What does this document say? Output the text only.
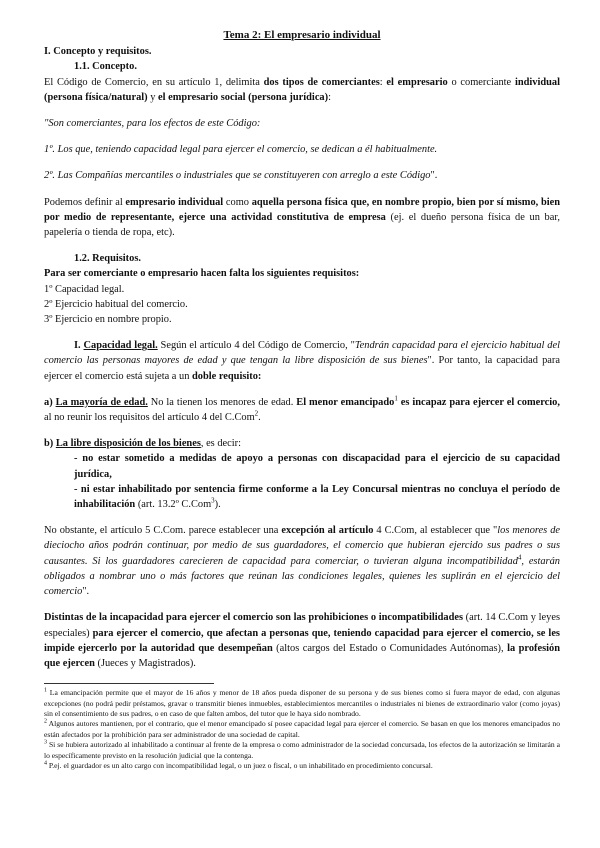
Tema 2: El empresario individual

I. Concepto y requisitos.

1.1. Concepto.

El Código de Comercio, en su artículo 1, delimita dos tipos de comerciantes: el empresario o comerciante individual (persona física/natural) y el empresario social (persona jurídica):

"Son comerciantes, para los efectos de este Código:

1º. Los que, teniendo capacidad legal para ejercer el comercio, se dedican a él habitualmente.

2º. Las Compañías mercantiles o industriales que se constituyeren con arreglo a este Código".

Podemos definir al empresario individual como aquella persona física que, en nombre propio, bien por sí mismo, bien por medio de representante, ejerce una actividad constitutiva de empresa (ej. el dueño persona física de un bar, papelería o tienda de ropa, etc).

1.2. Requisitos.

Para ser comerciante o empresario hacen falta los siguientes requisitos:

1º Capacidad legal.

2º Ejercicio habitual del comercio.

3º Ejercicio en nombre propio.

I. Capacidad legal. Según el artículo 4 del Código de Comercio, "Tendrán capacidad para el ejercicio habitual del comercio las personas mayores de edad y que tengan la libre disposición de sus bienes". Por tanto, la capacidad para ejercer el comercio está sujeta a un doble requisito:

a) La mayoría de edad. No la tienen los menores de edad. El menor emancipado$^1$ es incapaz para ejercer el comercio, al no reunir los requisitos del artículo 4 del C.Com$^2$.

b) La libre disposición de los bienes, es decir:

- no estar sometido a medidas de apoyo a personas con discapacidad para el ejercicio de su capacidad jurídica,

- ni estar inhabilitado por sentencia firme conforme a la Ley Concursal mientras no concluya el período de inhabilitación (art. 13.2º C.Com$^3$).

No obstante, el artículo 5 C.Com. parece establecer una excepción al artículo 4 C.Com, al establecer que "los menores de dieciocho años podrán continuar, por medio de sus guardadores, el comercio que hubieran ejercido sus padres o sus causantes. Si los guardadores carecieren de capacidad para comerciar, o tuvieran alguna incompatibilidad$^4$, estarán obligados a nombrar uno o más factores que reúnan las condiciones legales, quienes les suplirán en el ejercicio del comercio".

Distintas de la incapacidad para ejercer el comercio son las prohibiciones o incompatibilidades (art. 14 C.Com y leyes especiales) para ejercer el comercio, que afectan a personas que, teniendo capacidad para ejercer el comercio, se les impide ejercerlo por la autoridad que desempeñan (altos cargos del Estado o Comunidades Autónomas), la profesión que ejercen (Jueces y Magistrados).

$^1$ La emancipación permite que el mayor de 16 años y menor de 18 años pueda disponer de su persona y de sus bienes como si fuera mayor de edad, con algunas excepciones (no podrá pedir préstamos, gravar o transmitir bienes inmuebles, establecimientos mercantiles o industriales ni bienes de extraordinario valor (como joyas) sin el consentimiento de sus padres, o en caso de que falten ambos, del tutor que le haya sido nombrado.

$^2$ Algunos autores mantienen, por el contrario, que el menor emancipado sí posee capacidad legal para ejercer el comercio. Se basan en que los menores emancipados no están afectados por la prohibición para ser administrador de una sociedad de capital.

$^3$ Si se hubiera autorizado al inhabilitado a continuar al frente de la empresa o como administrador de la sociedad concursada, los efectos de la autorización se limitarán a lo específicamente previsto en la resolución judicial que la contenga.

$^4$ P.ej. el guardador es un alto cargo con incompatibilidad legal, o un juez o fiscal, o un inhabilitado en procedimiento concursal.
